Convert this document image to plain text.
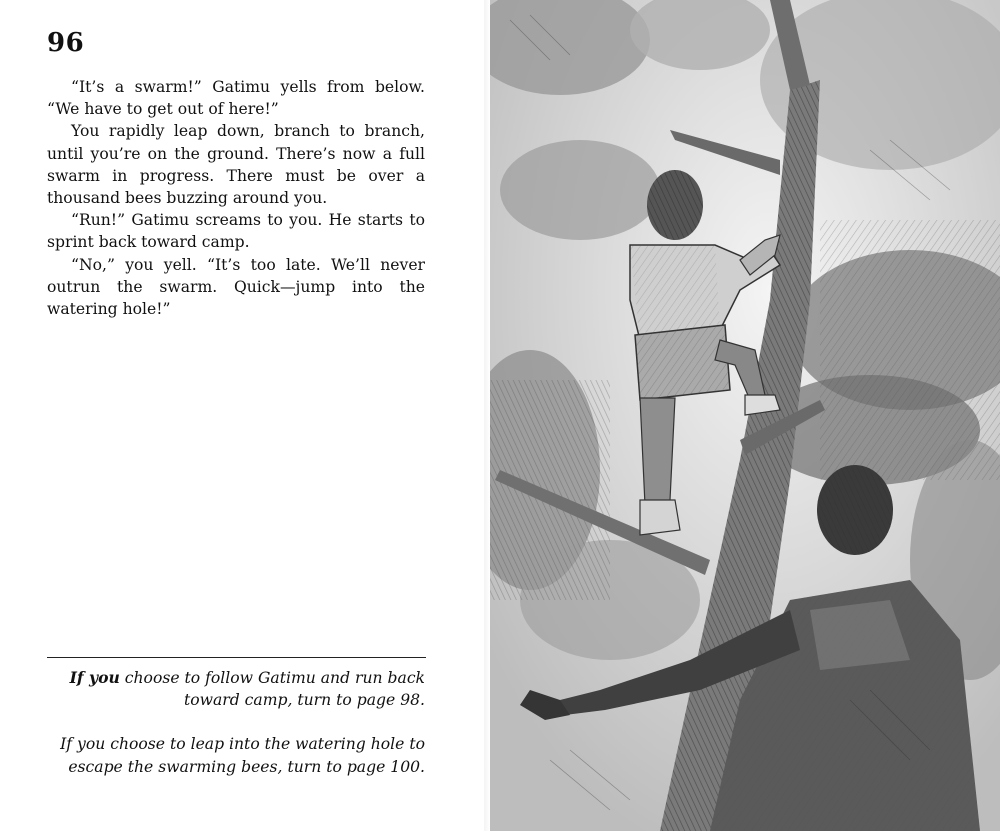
96

“It’s a swarm!” Gatimu yells from below. “We have to get out of here!”

You rapidly leap down, branch to branch, until you’re on the ground. There’s now a full swarm in progress. There must be over a thousand bees buzzing around you.

“Run!” Gatimu screams to you. He starts to sprint back toward camp.

“No,” you yell. “It’s too late. We’ll never outrun the swarm. Quick—jump into the watering hole!”

If you choose to follow Gatimu and run back toward camp, turn to page 98.

If you choose to leap into the watering hole to escape the swarming bees, turn to page 100.
